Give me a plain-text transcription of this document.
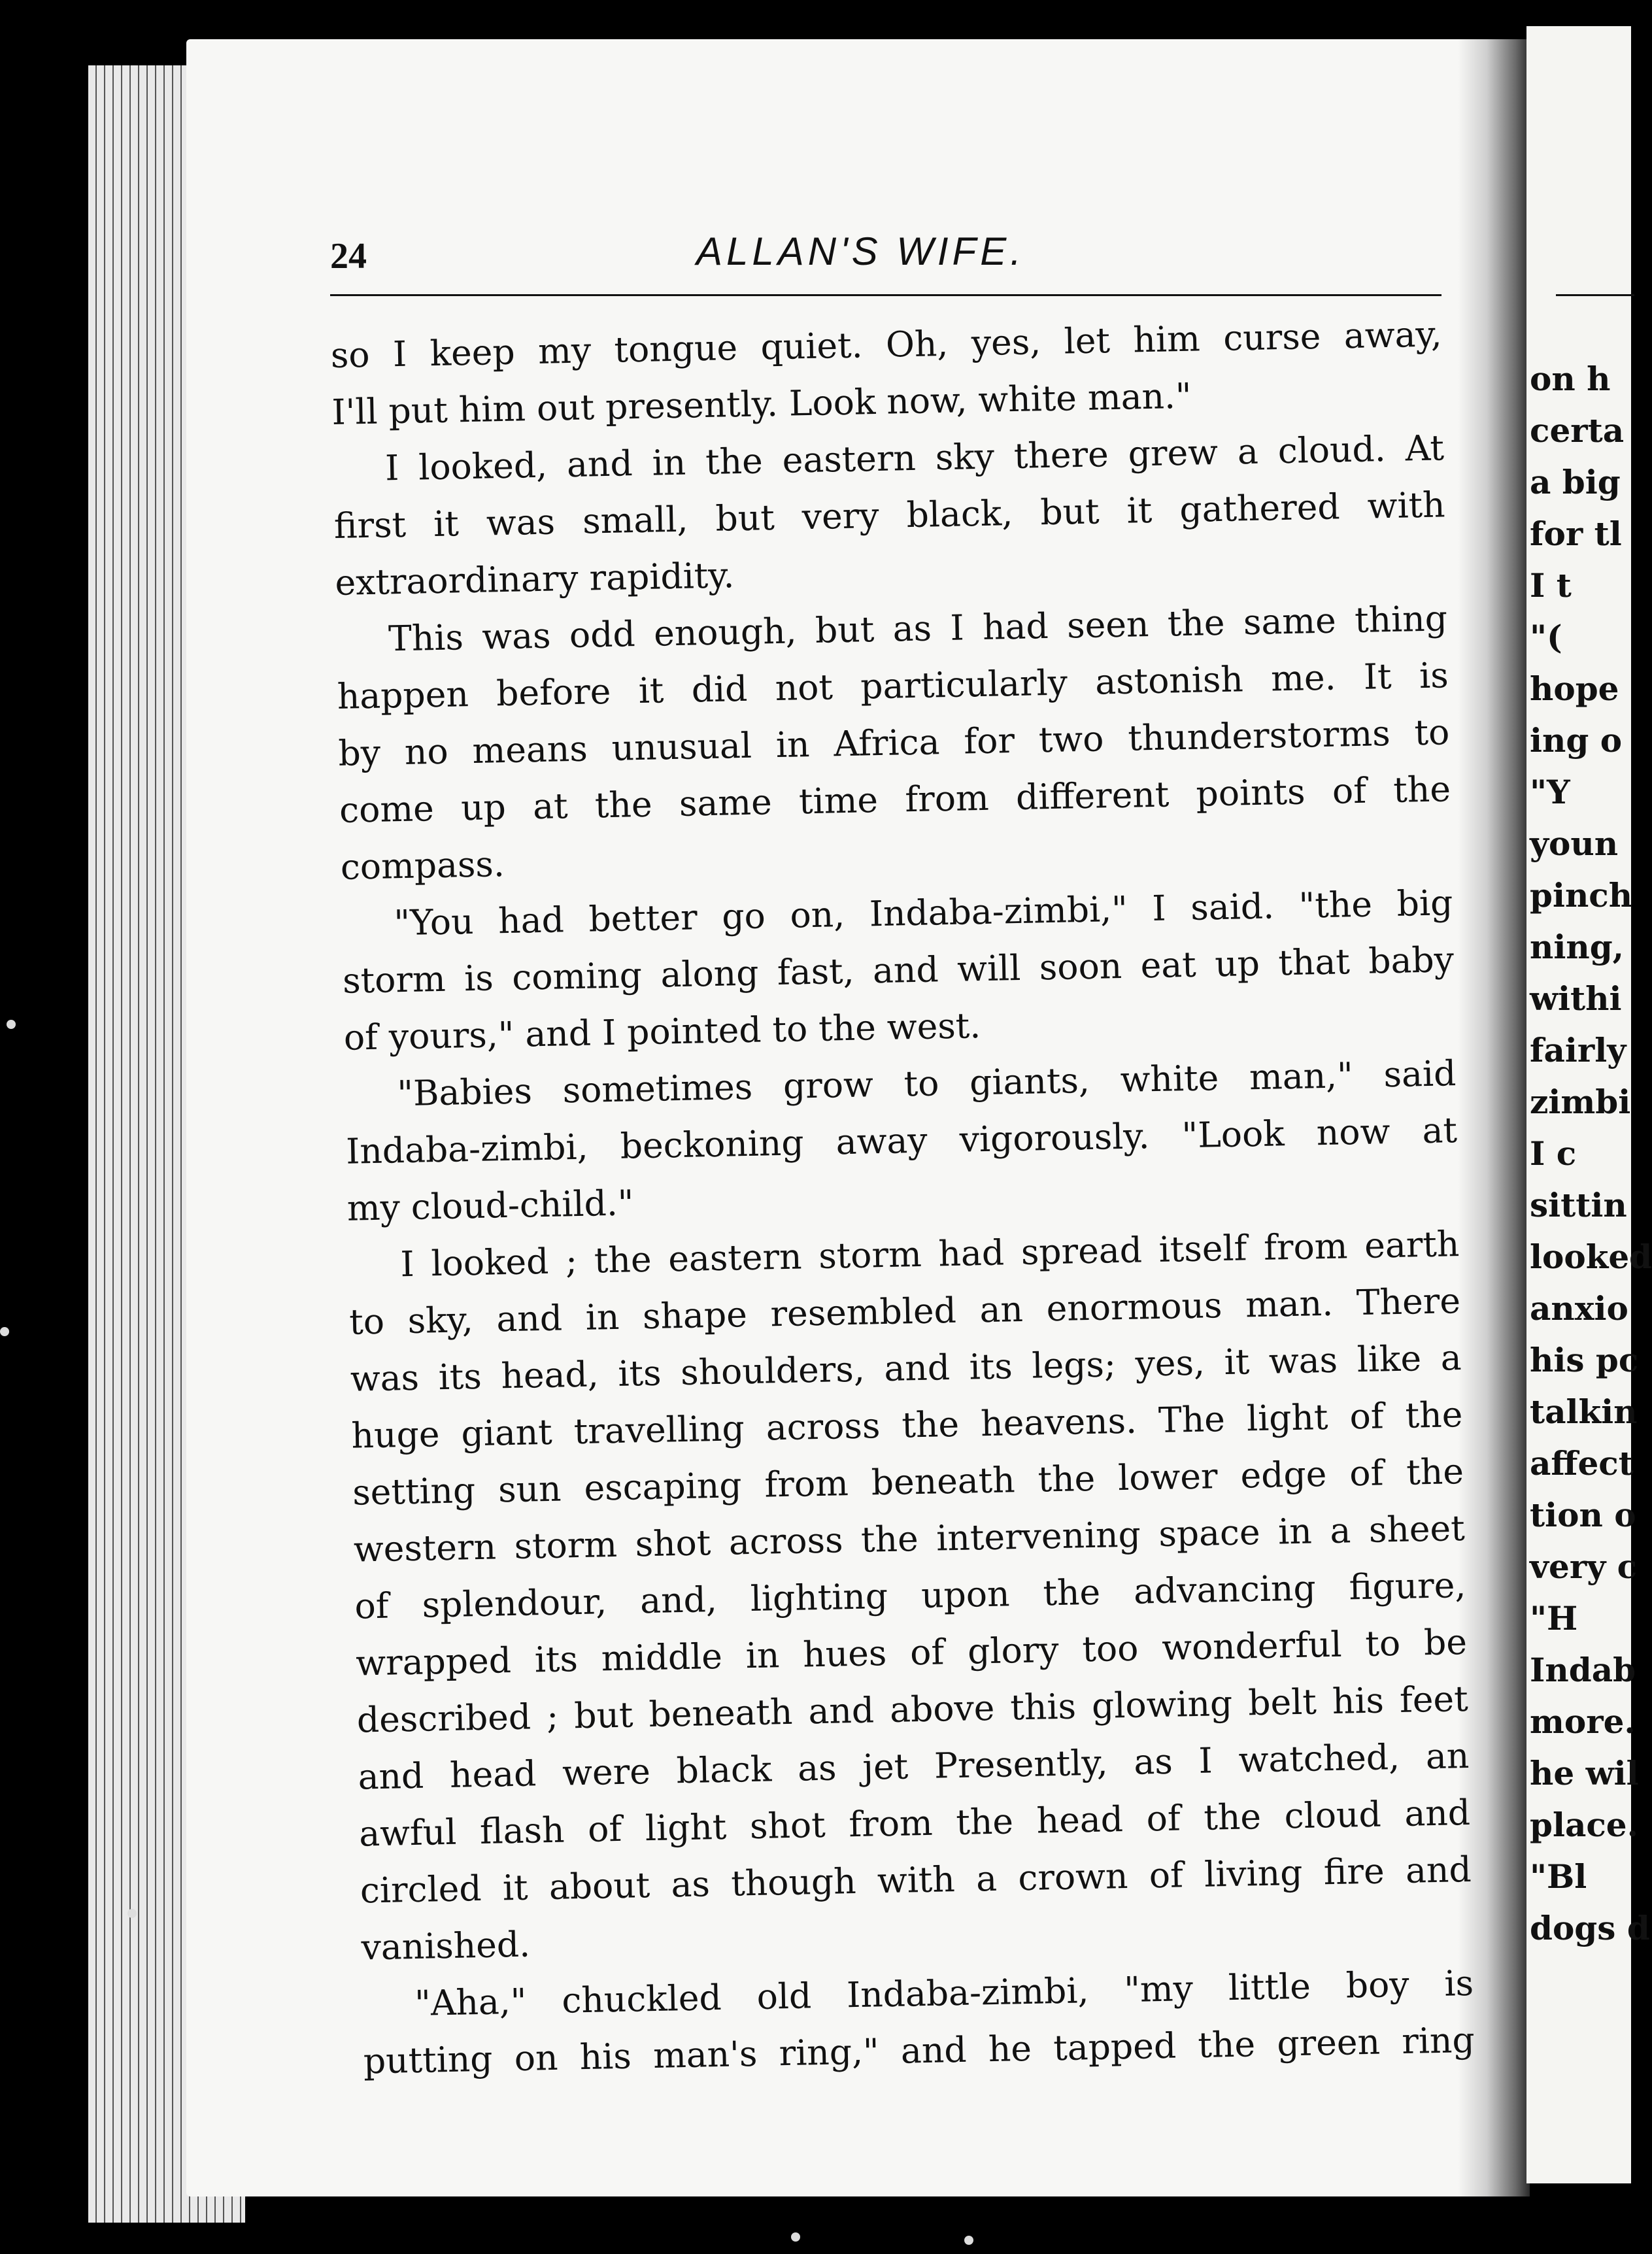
on h
certa
a big
for tl
I t
"(
hope
ing o
"Y
youn
pinch
ning,
withi
fairly
zimbi
I c
sittin
looked
anxio
his pc
talkin
affect
tion o
very c
"H
Indab
more.
he wil
place.
"Bl
dogs d
24	ALLAN'S WIFE.
so I keep my tongue quiet. Oh, yes, let him curse away,
I'll put him out presently. Look now, white man."
I looked, and in the eastern sky there grew a cloud. At
first it was small, but very black, but it gathered with
extraordinary rapidity.
This was odd enough, but as I had seen the same thing
happen before it did not particularly astonish me. It is
by no means unusual in Africa for two thunderstorms to
come up at the same time from different points of the
compass.
"You had better go on, Indaba-zimbi," I said. "the big
storm is coming along fast, and will soon eat up that baby
of yours," and I pointed to the west.
"Babies sometimes grow to giants, white man," said
Indaba-zimbi, beckoning away vigorously. "Look now at
my cloud-child."
I looked ; the eastern storm had spread itself from earth
to sky, and in shape resembled an enormous man. There
was its head, its shoulders, and its legs; yes, it was like a
huge giant travelling across the heavens. The light of the
setting sun escaping from beneath the lower edge of the
western storm shot across the intervening space in a sheet
of splendour, and, lighting upon the advancing figure,
wrapped its middle in hues of glory too wonderful to be
described ; but beneath and above this glowing belt his feet
and head were black as jet Presently, as I watched, an
awful flash of light shot from the head of the cloud and
circled it about as though with a crown of living fire and
vanished.
"Aha," chuckled old Indaba-zimbi, "my little boy is
putting on his man's ring," and he tapped the green ring
